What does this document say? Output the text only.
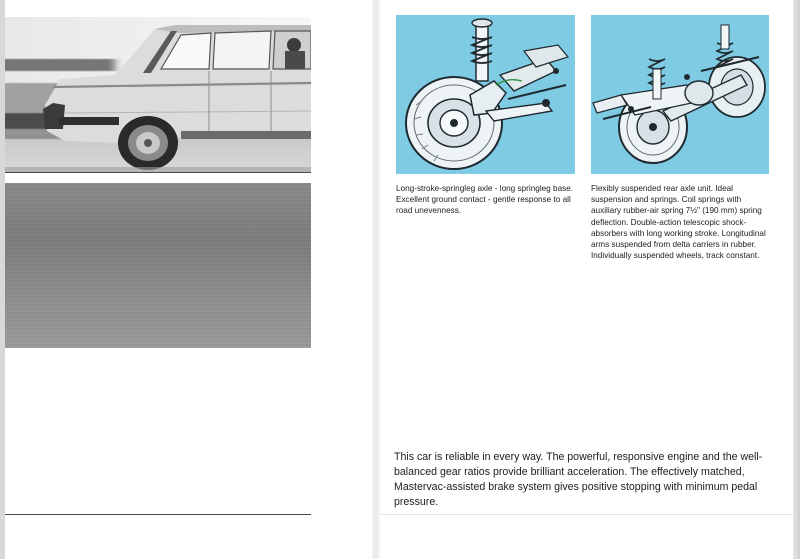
Long-stroke-springleg axle - long springleg base. Excellent ground contact - gentle response to all road unevenness.

Flexibly suspended rear axle unit. Ideal suspension and springs. Coil springs with auxiliary rubber-air spring 7½" (190 mm) spring deflection. Double-action telescopic shock-absorbers with long working stroke. Longitudinal arms suspended from delta carriers in rubber. Individually suspended wheels, track constant.

This car is reliable in every way. The powerful, responsive engine and the well-balanced gear ratios provide brilliant acceleration. The effectively matched, Mastervac-assisted brake system gives positive stopping with minimum pedal pressure.
